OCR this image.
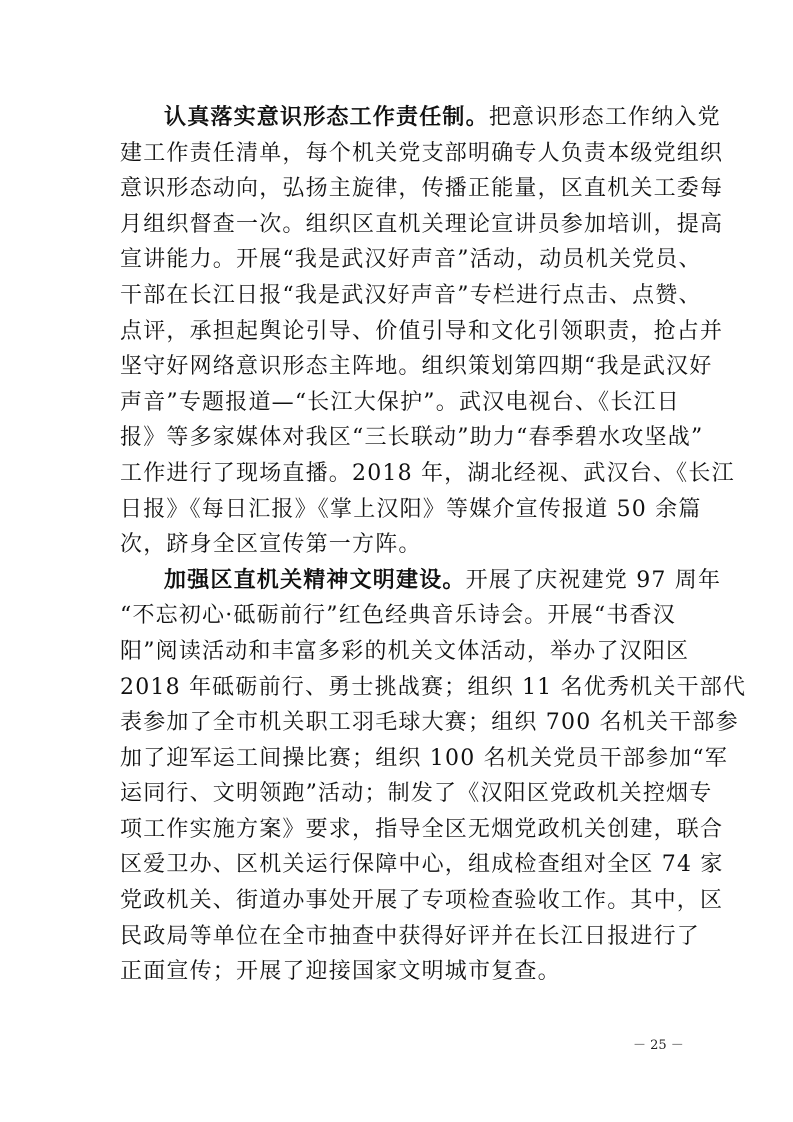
认真落实意识形态工作责任制。把意识形态工作纳入党
建工作责任清单，每个机关党支部明确专人负责本级党组织
意识形态动向，弘扬主旋律，传播正能量，区直机关工委每
月组织督查一次。组织区直机关理论宣讲员参加培训，提高
宣讲能力。开展“我是武汉好声音”活动，动员机关党员、
干部在长江日报“我是武汉好声音”专栏进行点击、点赞、
点评，承担起舆论引导、价值引导和文化引领职责，抢占并
坚守好网络意识形态主阵地。组织策划第四期“我是武汉好
声音”专题报道—“长江大保护”。武汉电视台、《长江日
报》等多家媒体对我区“三长联动”助力“春季碧水攻坚战”
工作进行了现场直播。2018 年，湖北经视、武汉台、《长江
日报》《每日汇报》《掌上汉阳》等媒介宣传报道 50 余篇
次，跻身全区宣传第一方阵。
加强区直机关精神文明建设。开展了庆祝建党 97 周年
“不忘初心·砥砺前行”红色经典音乐诗会。开展“书香汉
阳”阅读活动和丰富多彩的机关文体活动，举办了汉阳区
2018 年砥砺前行、勇士挑战赛；组织 11 名优秀机关干部代
表参加了全市机关职工羽毛球大赛；组织 700 名机关干部参
加了迎军运工间操比赛；组织 100 名机关党员干部参加“军
运同行、文明领跑”活动；制发了《汉阳区党政机关控烟专
项工作实施方案》要求，指导全区无烟党政机关创建，联合
区爱卫办、区机关运行保障中心，组成检查组对全区 74 家
党政机关、街道办事处开展了专项检查验收工作。其中，区
民政局等单位在全市抽查中获得好评并在长江日报进行了
正面宣传；开展了迎接国家文明城市复查。
－ 25 －
